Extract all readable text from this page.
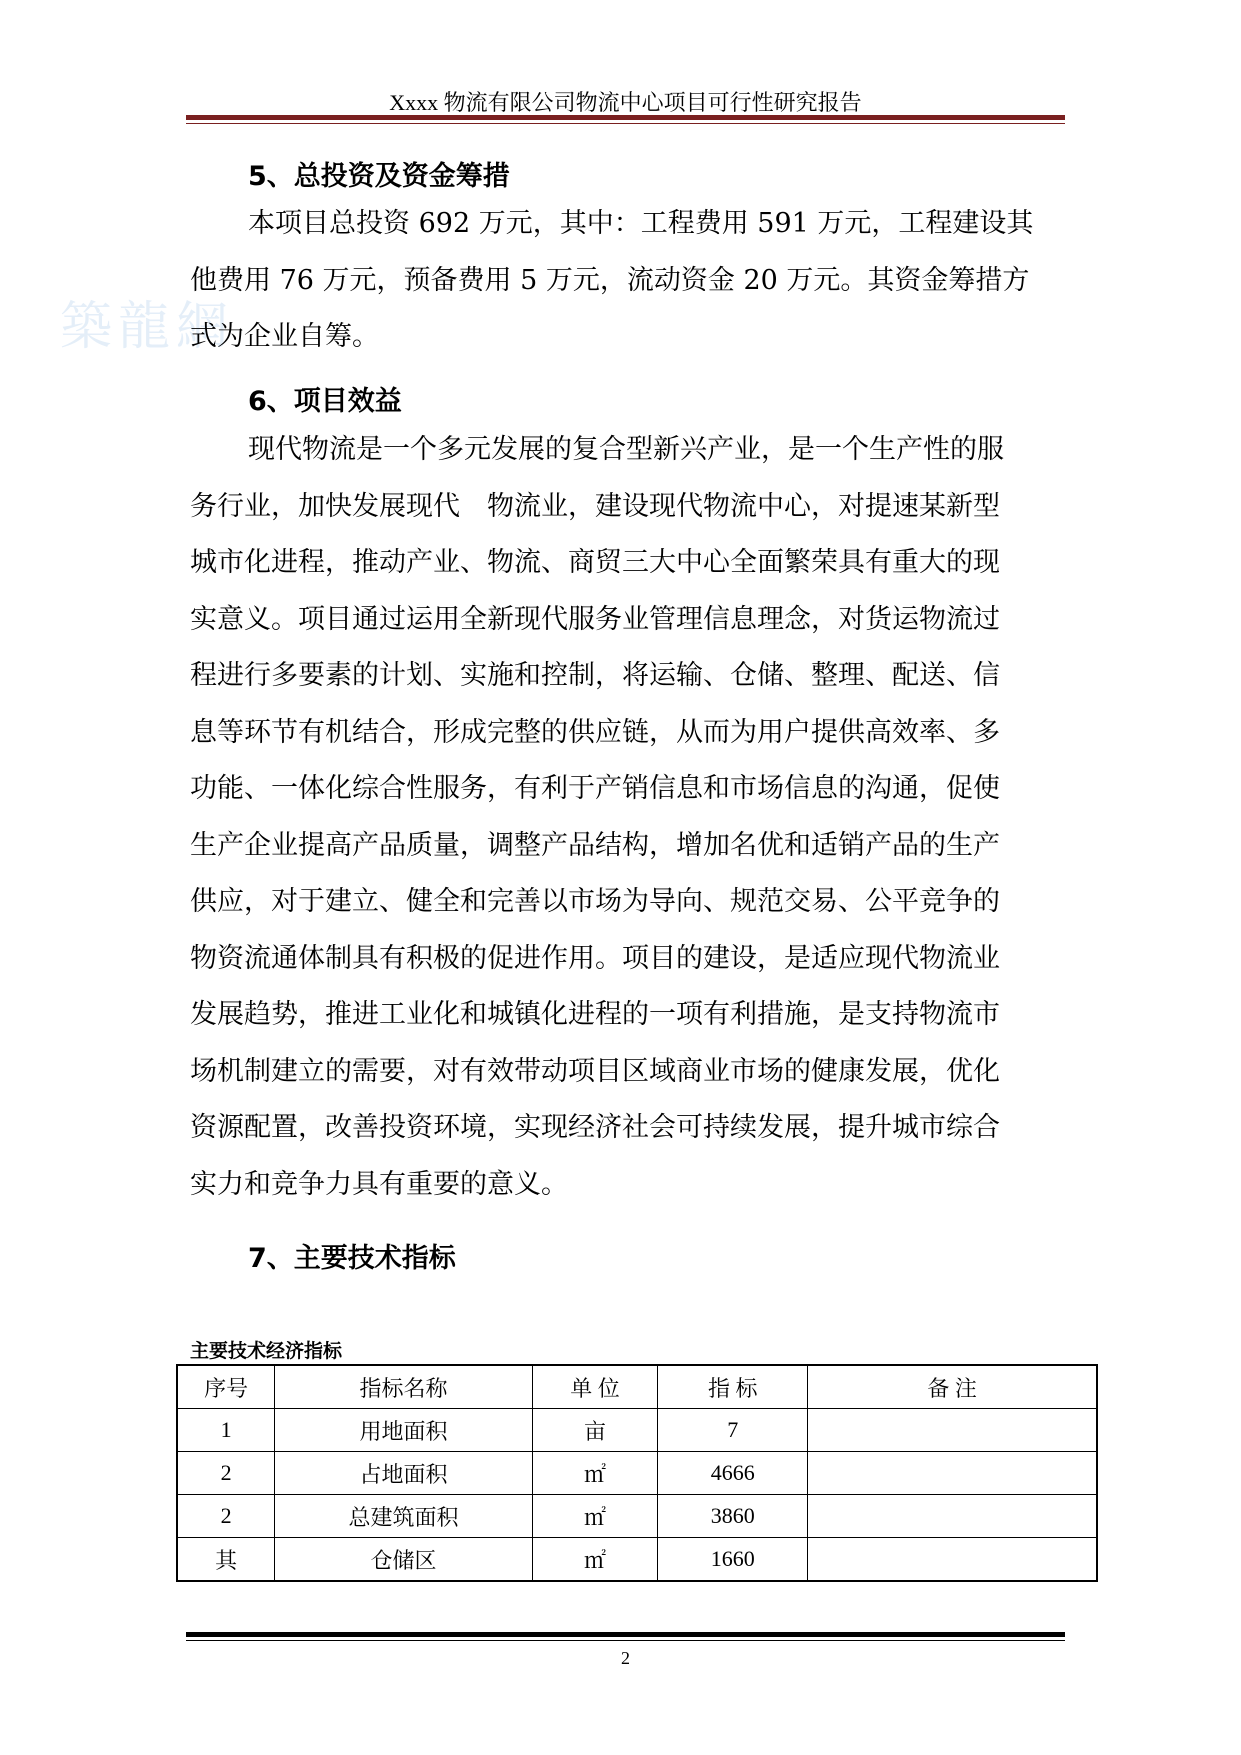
Xxxx 物流有限公司物流中心项目可行性研究报告
築龍網
5、总投资及资金筹措
本项目总投资 692 万元，其中：工程费用 591 万元，工程建设其
他费用 76 万元，预备费用 5 万元，流动资金 20 万元。其资金筹措方
式为企业自筹。
6、项目效益
现代物流是一个多元发展的复合型新兴产业，是一个生产性的服
务行业，加快发展现代　物流业，建设现代物流中心，对提速某新型
城市化进程，推动产业、物流、商贸三大中心全面繁荣具有重大的现
实意义。项目通过运用全新现代服务业管理信息理念，对货运物流过
程进行多要素的计划、实施和控制，将运输、仓储、整理、配送、信
息等环节有机结合，形成完整的供应链，从而为用户提供高效率、多
功能、一体化综合性服务，有利于产销信息和市场信息的沟通，促使
生产企业提高产品质量，调整产品结构，增加名优和适销产品的生产
供应，对于建立、健全和完善以市场为导向、规范交易、公平竞争的
物资流通体制具有积极的促进作用。项目的建设，是适应现代物流业
发展趋势，推进工业化和城镇化进程的一项有利措施，是支持物流市
场机制建立的需要，对有效带动项目区域商业市场的健康发展，优化
资源配置，改善投资环境，实现经济社会可持续发展，提升城市综合
实力和竞争力具有重要的意义。
7、主要技术指标
主要技术经济指标
序号	指标名称	单 位	指 标	备 注
1	用地面积	亩	7	
2	占地面积	㎡	4666	
2	总建筑面积	㎡	3860	
其	仓储区	㎡	1660	
2
